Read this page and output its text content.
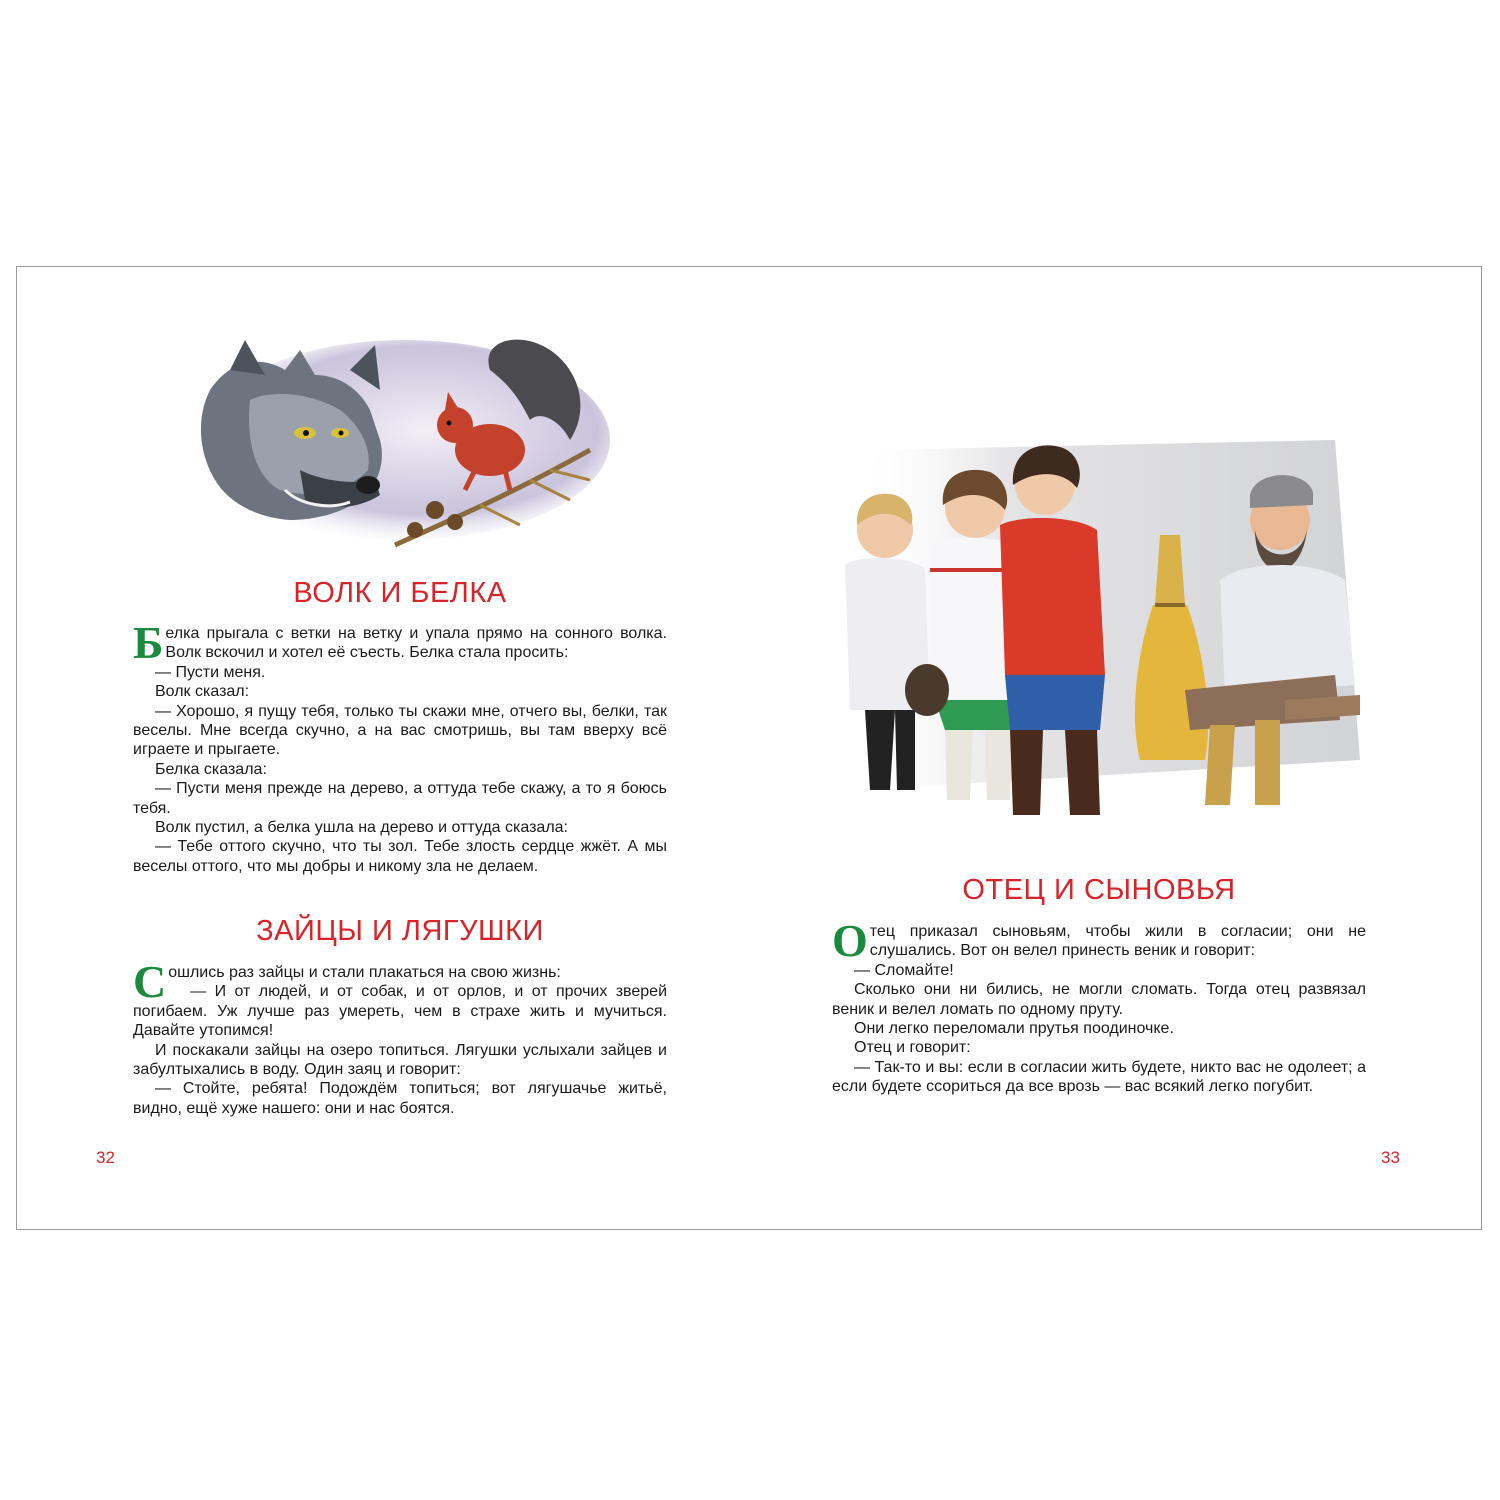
ВОЛК И БЕЛКА

Белка прыгала с ветки на ветку и упала прямо на сонного волка. Волк вскочил и хотел её съесть. Белка стала просить:

— Пусти меня.

Волк сказал:

— Хорошо, я пущу тебя, только ты скажи мне, отчего вы, белки, так веселы. Мне всегда скучно, а на вас смотришь, вы там вверху всё играете и прыгаете.

Белка сказала:

— Пусти меня прежде на дерево, а оттуда тебе скажу, а то я боюсь тебя.

Волк пустил, а белка ушла на дерево и оттуда сказала:

— Тебе оттого скучно, что ты зол. Тебе злость сердце жжёт. А мы веселы оттого, что мы добры и никому зла не делаем.

ЗАЙЦЫ И ЛЯГУШКИ

Сошлись раз зайцы и стали плакаться на свою жизнь:

— И от людей, и от собак, и от орлов, и от прочих зверей погибаем. Уж лучше раз умереть, чем в страхе жить и мучиться. Давайте утопимся!

И поскакали зайцы на озеро топиться. Лягушки услыхали зайцев и забултыхались в воду. Один заяц и говорит:

— Стойте, ребята! Подождём топиться; вот лягушачье житьё, видно, ещё хуже нашего: они и нас боятся.

32
ОТЕЦ И СЫНОВЬЯ

Отец приказал сыновьям, чтобы жили в согласии; они не слушались. Вот он велел принесть веник и говорит:

— Сломайте!

Сколько они ни бились, не могли сломать. Тогда отец развязал веник и велел ломать по одному пруту.

Они легко переломали прутья поодиночке.

Отец и говорит:

— Так-то и вы: если в согласии жить будете, никто вас не одолеет; а если будете ссориться да все врозь — вас всякий легко погубит.

33
